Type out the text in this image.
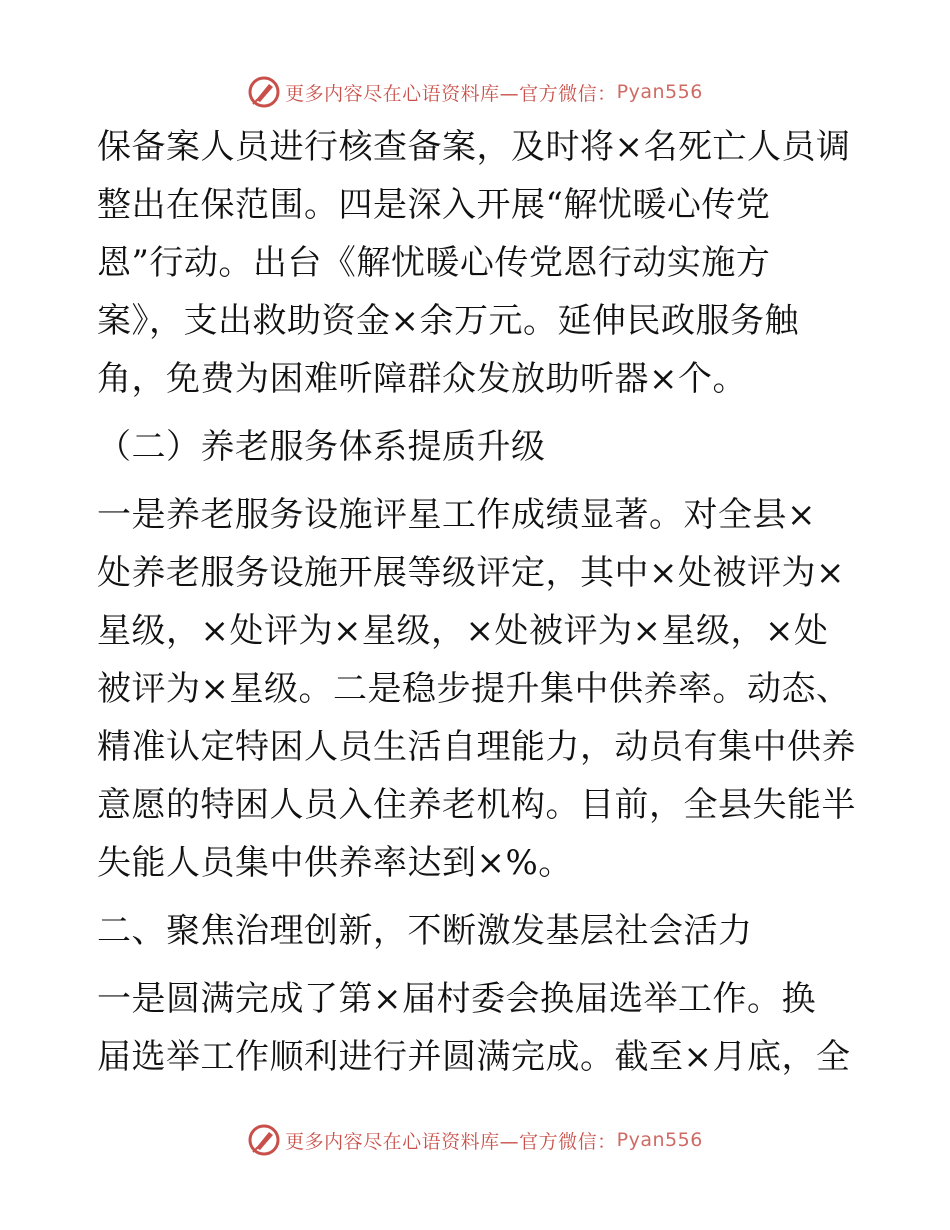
更多内容尽在心语资料库—官方微信： Pyan556

保备案人员进行核查备案，及时将×名死亡人员调

整出在保范围。四是深入开展“解忧暖心传党

恩”行动。出台《解忧暖心传党恩行动实施方

案》，支出救助资金×余万元。延伸民政服务触

角，免费为困难听障群众发放助听器×个。

（二）养老服务体系提质升级

一是养老服务设施评星工作成绩显著。对全县×

处养老服务设施开展等级评定，其中×处被评为×

星级，×处评为×星级，×处被评为×星级，×处

被评为×星级。二是稳步提升集中供养率。动态、

精准认定特困人员生活自理能力，动员有集中供养

意愿的特困人员入住养老机构。目前，全县失能半

失能人员集中供养率达到×%。

二、聚焦治理创新，不断激发基层社会活力

一是圆满完成了第×届村委会换届选举工作。换

届选举工作顺利进行并圆满完成。截至×月底，全

更多内容尽在心语资料库—官方微信： Pyan556
